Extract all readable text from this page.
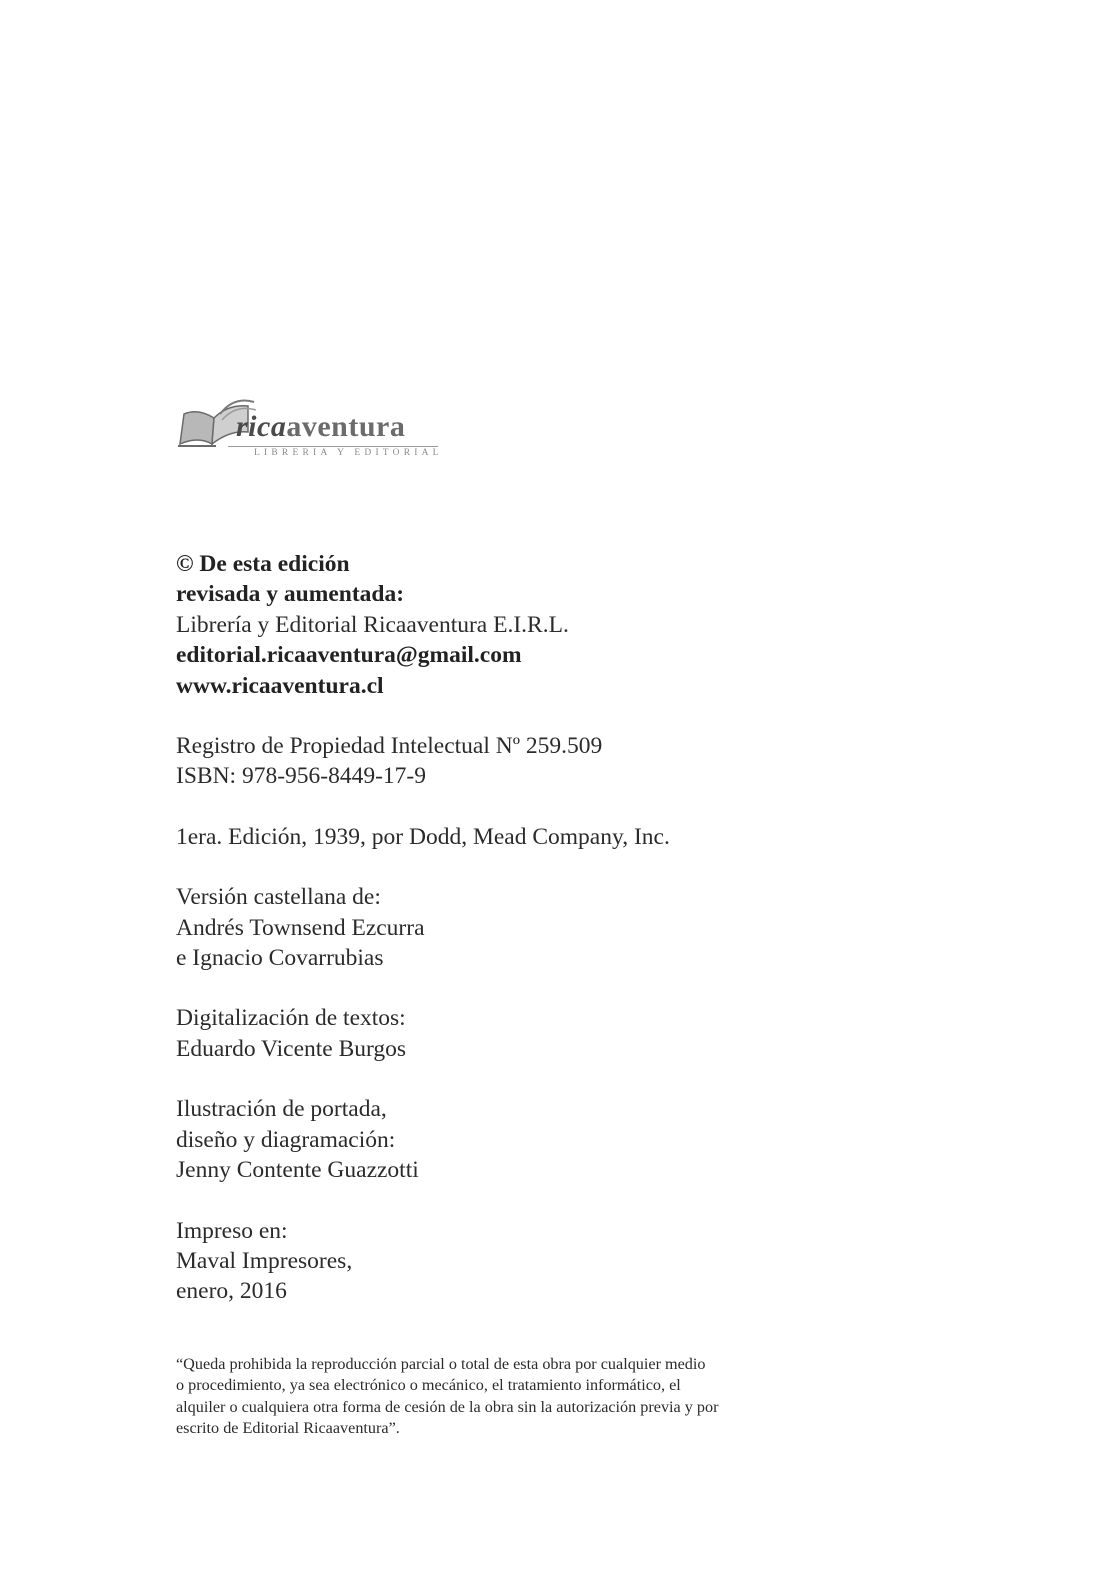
ricaaventura
LIBRERIA Y EDITORIAL

© De esta edición

revisada y aumentada:

Librería y Editorial Ricaaventura E.I.R.L.

editorial.ricaaventura@gmail.com

www.ricaaventura.cl

Registro de Propiedad Intelectual Nº 259.509

ISBN: 978-956-8449-17-9

1era. Edición, 1939, por Dodd, Mead Company, Inc.

Versión castellana de:

Andrés Townsend Ezcurra

e Ignacio Covarrubias

Digitalización de textos:

Eduardo Vicente Burgos

Ilustración de portada,

diseño y diagramación:

Jenny Contente Guazzotti

Impreso en:

Maval Impresores,

enero, 2016

“Queda prohibida la reproducción parcial o total de esta obra por cualquier medio

o procedimiento, ya sea electrónico o mecánico, el tratamiento informático, el

alquiler o cualquiera otra forma de cesión de la obra sin la autorización previa y por

escrito de Editorial Ricaaventura”.
